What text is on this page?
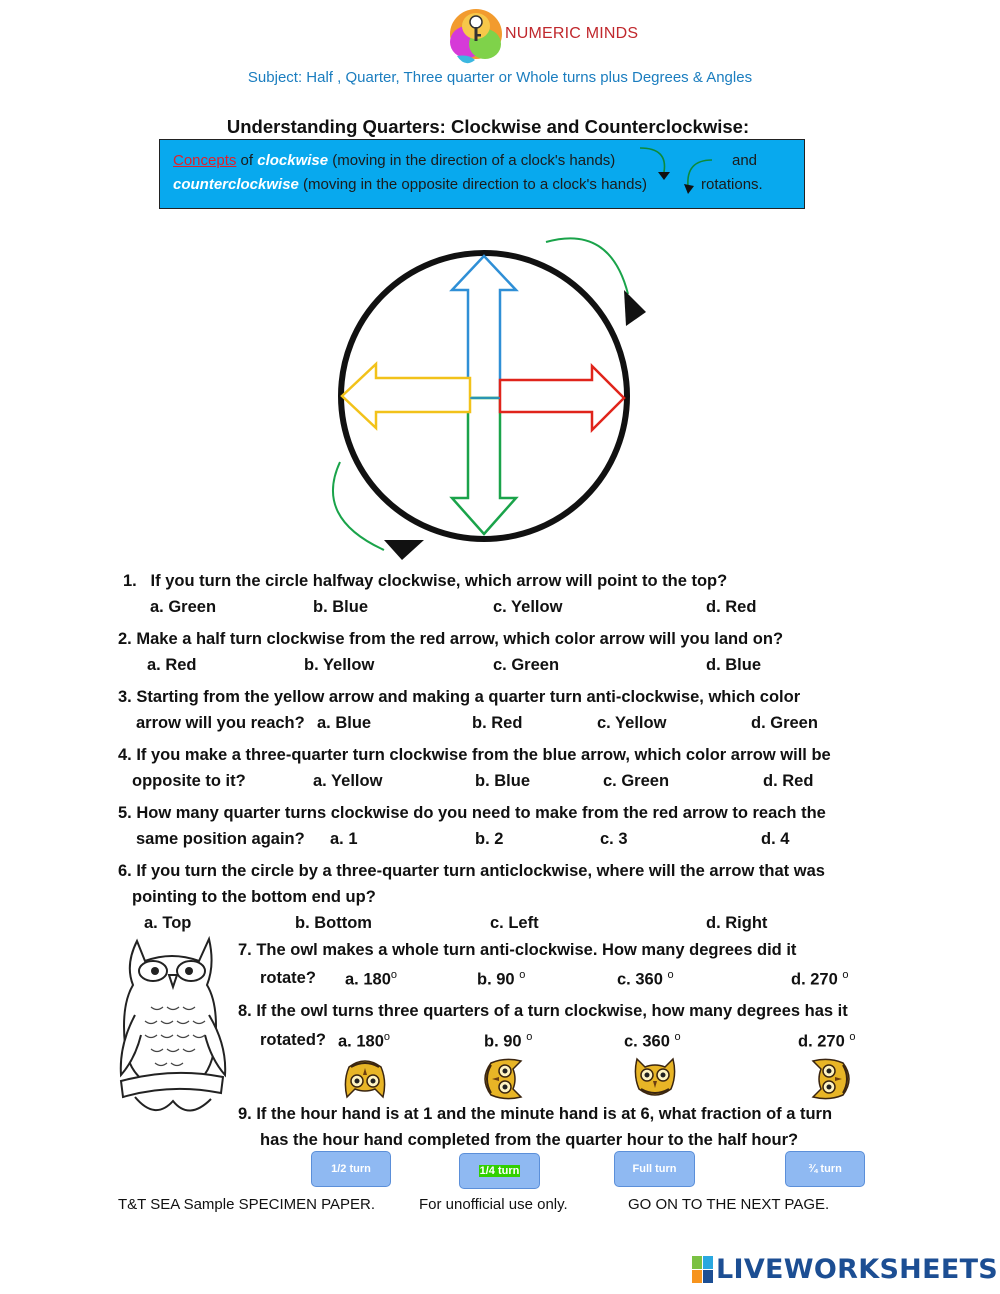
NUMERIC MINDS
Subject: Half , Quarter, Three quarter or Whole turns plus Degrees & Angles
Understanding Quarters: Clockwise and Counterclockwise:
Concepts of clockwise (moving in the direction of a clock's hands)	and
counterclockwise (moving in the opposite direction to a clock's hands)	rotations.
1. If you turn the circle halfway clockwise, which arrow will point to the top?
a. Green	b. Blue	c. Yellow	d. Red
2. Make a half turn clockwise from the red arrow, which color arrow will you land on?
a. Red	b. Yellow	c. Green	d. Blue
3. Starting from the yellow arrow and making a quarter turn anti-clockwise, which color
arrow will you reach? a. Blue	b. Red	c. Yellow	d. Green
4. If you make a three-quarter turn clockwise from the blue arrow, which color arrow will be
opposite to it?	a. Yellow	b. Blue	c. Green	d. Red
5. How many quarter turns clockwise do you need to make from the red arrow to reach the
same position again? a. 1	b. 2	c. 3	d. 4
6. If you turn the circle by a three-quarter turn anticlockwise, where will the arrow that was
pointing to the bottom end up?
a. Top	b. Bottom	c. Left	d. Right
7. The owl makes a whole turn anti-clockwise. How many degrees did it
rotate? a. 180$^o$	b. 90 $^o$	c. 360 $^o$	d. 270 $^o$
8. If the owl turns three quarters of a turn clockwise, how many degrees has it
rotated? a. 180$^o$	b. 90 $^o$	c. 360 $^o$	d. 270 $^o$
9. If the hour hand is at 1 and the minute hand is at 6, what fraction of a turn
has the hour hand completed from the quarter hour to the half hour?
1/2 turn	1/4 turn	Full turn	¾ turn
T&T SEA Sample SPECIMEN PAPER.	For unofficial use only.	GO ON TO THE NEXT PAGE.
LIVEWORKSHEETS
